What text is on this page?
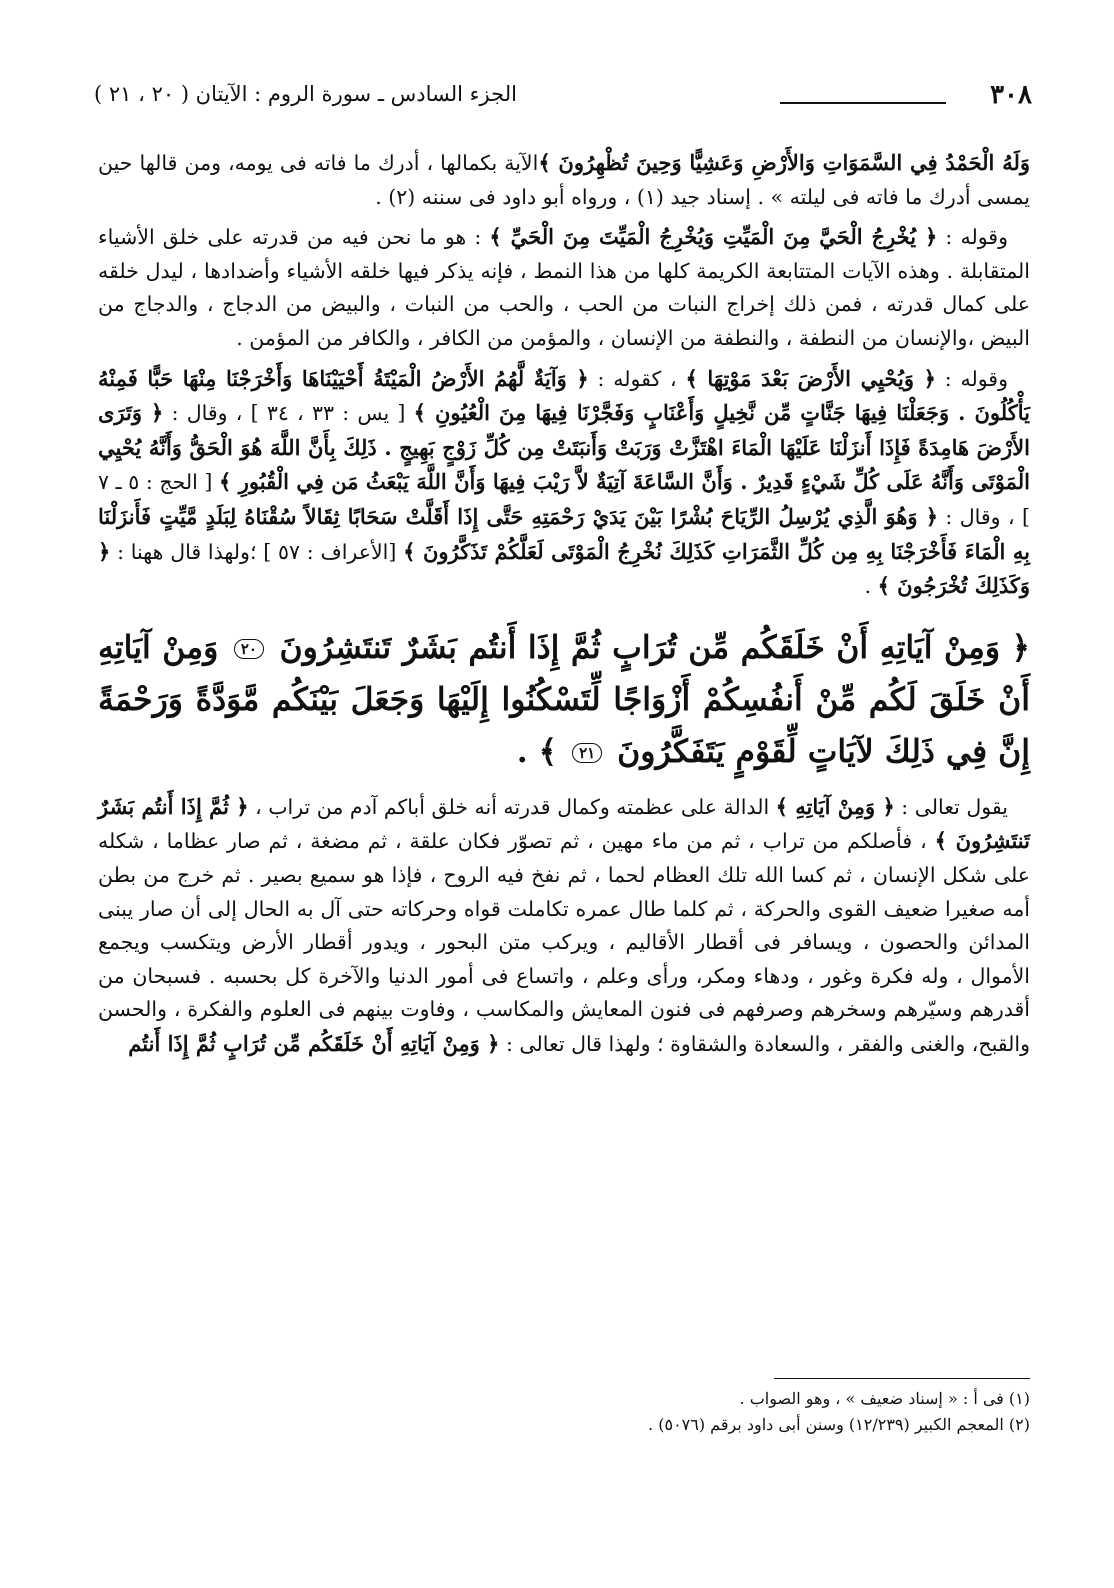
٣٠٨
الجزء السادس ـ سورة الروم : الآيتان ( ٢٠ ، ٢١ )

وَلَهُ الْحَمْدُ فِي السَّمَوَاتِ وَالأَرْضِ وَعَشِيًّا وَحِينَ تُظْهِرُونَ ﴾الآية بكمالها ، أدرك ما فاته فى يومه، ومن قالها حين يمسى أدرك ما فاته فى ليلته » . إسناد جيد (١) ، ورواه أبو داود فى سننه (٢) .

وقوله : ﴿ يُخْرِجُ الْحَيَّ مِنَ الْمَيِّتِ وَيُخْرِجُ الْمَيِّتَ مِنَ الْحَيِّ ﴾ : هو ما نحن فيه من قدرته على خلق الأشياء المتقابلة . وهذه الآيات المتتابعة الكريمة كلها من هذا النمط ، فإنه يذكر فيها خلقه الأشياء وأضدادها ، ليدل خلقه على كمال قدرته ، فمن ذلك إخراج النبات من الحب ، والحب من النبات ، والبيض من الدجاج ، والدجاج من البيض ،والإنسان من النطفة ، والنطفة من الإنسان ، والمؤمن من الكافر ، والكافر من المؤمن .

وقوله : ﴿ وَيُحْيِي الأَرْضَ بَعْدَ مَوْتِهَا ﴾ ، كقوله : ﴿ وَآيَةٌ لَّهُمُ الأَرْضُ الْمَيْتَةُ أَحْيَيْنَاهَا وَأَخْرَجْنَا مِنْهَا حَبًّا فَمِنْهُ يَأْكُلُونَ . وَجَعَلْنَا فِيهَا جَنَّاتٍ مِّن نَّخِيلٍ وَأَعْنَابٍ وَفَجَّرْنَا فِيهَا مِنَ الْعُيُونِ ﴾ [ يس : ٣٣ ، ٣٤ ] ، وقال : ﴿ وَتَرَى الأَرْضَ هَامِدَةً فَإِذَا أَنزَلْنَا عَلَيْهَا الْمَاءَ اهْتَزَّتْ وَرَبَتْ وَأَنبَتَتْ مِن كُلِّ زَوْجٍ بَهِيجٍ . ذَلِكَ بِأَنَّ اللَّهَ هُوَ الْحَقُّ وَأَنَّهُ يُحْيِي الْمَوْتَى وَأَنَّهُ عَلَى كُلِّ شَيْءٍ قَدِيرٌ . وَأَنَّ السَّاعَةَ آتِيَةٌ لاَّ رَيْبَ فِيهَا وَأَنَّ اللَّهَ يَبْعَثُ مَن فِي الْقُبُورِ ﴾ [ الحج : ٥ ـ ٧ ] ، وقال : ﴿ وَهُوَ الَّذِي يُرْسِلُ الرِّيَاحَ بُشْرًا بَيْنَ يَدَيْ رَحْمَتِهِ حَتَّى إِذَا أَقَلَّتْ سَحَابًا ثِقَالاً سُقْنَاهُ لِبَلَدٍ مَّيِّتٍ فَأَنزَلْنَا بِهِ الْمَاءَ فَأَخْرَجْنَا بِهِ مِن كُلِّ الثَّمَرَاتِ كَذَلِكَ نُخْرِجُ الْمَوْتَى لَعَلَّكُمْ تَذَكَّرُونَ ﴾ [الأعراف : ٥٧ ] ؛ولهذا قال ههنا : ﴿ وَكَذَلِكَ تُخْرَجُونَ ﴾ .

﴿ وَمِنْ آيَاتِهِ أَنْ خَلَقَكُم مِّن تُرَابٍ ثُمَّ إِذَا أَنتُم بَشَرٌ تَنتَشِرُونَ ٢٠ وَمِنْ آيَاتِهِ أَنْ خَلَقَ لَكُم مِّنْ أَنفُسِكُمْ أَزْوَاجًا لِّتَسْكُنُوا إِلَيْهَا وَجَعَلَ بَيْنَكُم مَّوَدَّةً وَرَحْمَةً إِنَّ فِي ذَلِكَ لآيَاتٍ لِّقَوْمٍ يَتَفَكَّرُونَ ٢١ ﴾ .

يقول تعالى : ﴿ وَمِنْ آيَاتِهِ ﴾ الدالة على عظمته وكمال قدرته أنه خلق أباكم آدم من تراب ، ﴿ ثُمَّ إِذَا أَنتُم بَشَرٌ تَنتَشِرُونَ ﴾ ، فأصلكم من تراب ، ثم من ماء مهين ، ثم تصوّر فكان علقة ، ثم مضغة ، ثم صار عظاما ، شكله على شكل الإنسان ، ثم كسا الله تلك العظام لحما ، ثم نفخ فيه الروح ، فإذا هو سميع بصير . ثم خرج من بطن أمه صغيرا ضعيف القوى والحركة ، ثم كلما طال عمره تكاملت قواه وحركاته حتى آل به الحال إلى أن صار يبنى المدائن والحصون ، ويسافر فى أقطار الأقاليم ، ويركب متن البحور ، ويدور أقطار الأرض ويتكسب ويجمع الأموال ، وله فكرة وغور ، ودهاء ومكر، ورأى وعلم ، واتساع فى أمور الدنيا والآخرة كل بحسبه . فسبحان من أقدرهم وسيّرهم وسخرهم وصرفهم فى فنون المعايش والمكاسب ، وفاوت بينهم فى العلوم والفكرة ، والحسن والقبح، والغنى والفقر ، والسعادة والشقاوة ؛ ولهذا قال تعالى : ﴿ وَمِنْ آيَاتِهِ أَنْ خَلَقَكُم مِّن تُرَابٍ ثُمَّ إِذَا أَنتُم

(١) فى أ : « إسناد ضعيف » ، وهو الصواب .
(٢) المعجم الكبير (١٢/٢٣٩) وسنن أبى داود برقم (٥٠٧٦) .
